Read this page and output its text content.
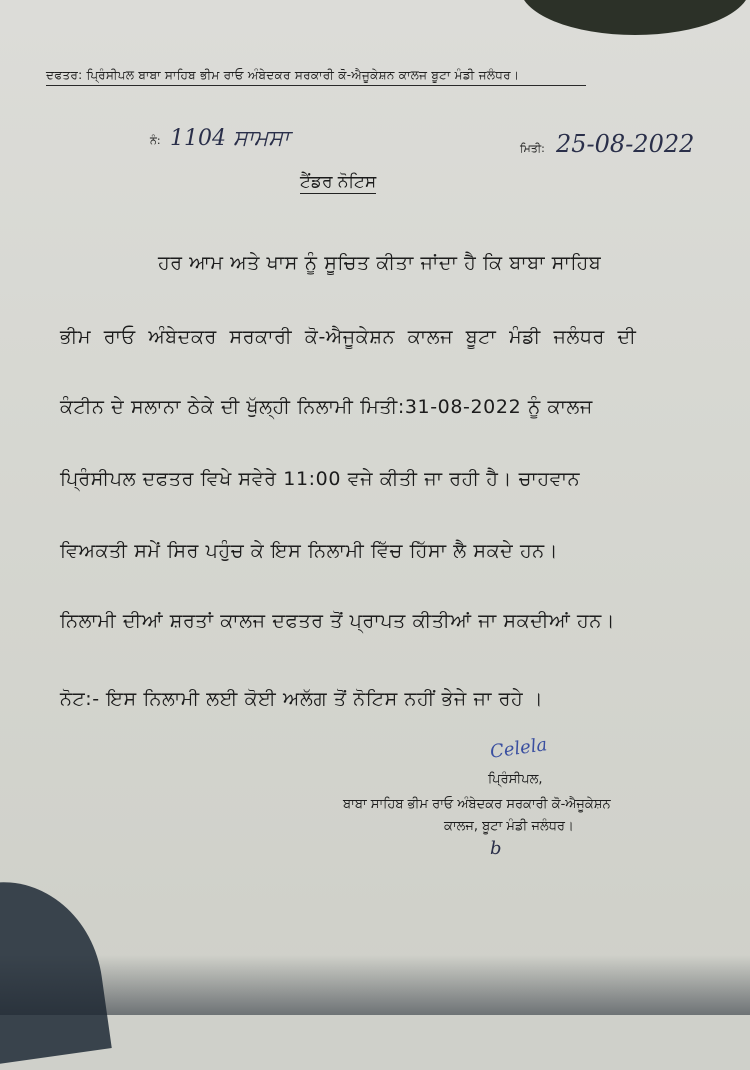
ਦਫਤਰ: ਪ੍ਰਿੰਸੀਪਲ ਬਾਬਾ ਸਾਹਿਬ ਭੀਮ ਰਾਓ ਅੰਬੇਦਕਰ ਸਰਕਾਰੀ ਕੋ-ਐਜੂਕੇਸ਼ਨ ਕਾਲਜ ਬੂਟਾ ਮੰਡੀ ਜਲੰਧਰ।
ਨੰ: 1104 ਸਾਮਸਾ	ਮਿਤੀ: 25-08-2022
ਟੈਂਡਰ ਨੋਟਿਸ
ਹਰ ਆਮ ਅਤੇ ਖਾਸ ਨੂੰ ਸੂਚਿਤ ਕੀਤਾ ਜਾਂਦਾ ਹੈ ਕਿ ਬਾਬਾ ਸਾਹਿਬ
ਭੀਮ ਰਾਓ ਅੰਬੇਦਕਰ ਸਰਕਾਰੀ ਕੋ-ਐਜੂਕੇਸ਼ਨ ਕਾਲਜ ਬੂਟਾ ਮੰਡੀ ਜਲੰਧਰ ਦੀ
ਕੰਟੀਨ ਦੇ ਸਲਾਨਾ ਠੇਕੇ ਦੀ ਖੁੱਲ੍ਹੀ ਨਿਲਾਮੀ ਮਿਤੀ:31-08-2022 ਨੂੰ ਕਾਲਜ
ਪ੍ਰਿੰਸੀਪਲ ਦਫਤਰ ਵਿਖੇ ਸਵੇਰੇ 11:00 ਵਜੇ ਕੀਤੀ ਜਾ ਰਹੀ ਹੈ। ਚਾਹਵਾਨ
ਵਿਅਕਤੀ ਸਮੇਂ ਸਿਰ ਪਹੁੰਚ ਕੇ ਇਸ ਨਿਲਾਮੀ ਵਿੱਚ ਹਿੱਸਾ ਲੈ ਸਕਦੇ ਹਨ।
ਨਿਲਾਮੀ ਦੀਆਂ ਸ਼ਰਤਾਂ ਕਾਲਜ ਦਫਤਰ ਤੋਂ ਪ੍ਰਾਪਤ ਕੀਤੀਆਂ ਜਾ ਸਕਦੀਆਂ ਹਨ।
ਨੋਟ:- ਇਸ ਨਿਲਾਮੀ ਲਈ ਕੋਈ ਅਲੱਗ ਤੋਂ ਨੋਟਿਸ ਨਹੀਂ ਭੇਜੇ ਜਾ ਰਹੇ ।
Celela
ਪ੍ਰਿੰਸੀਪਲ,
ਬਾਬਾ ਸਾਹਿਬ ਭੀਮ ਰਾਓ ਅੰਬੇਦਕਰ ਸਰਕਾਰੀ ਕੋ-ਐਜੂਕੇਸ਼ਨ
ਕਾਲਜ, ਬੂਟਾ ਮੰਡੀ ਜਲੰਧਰ।
b
